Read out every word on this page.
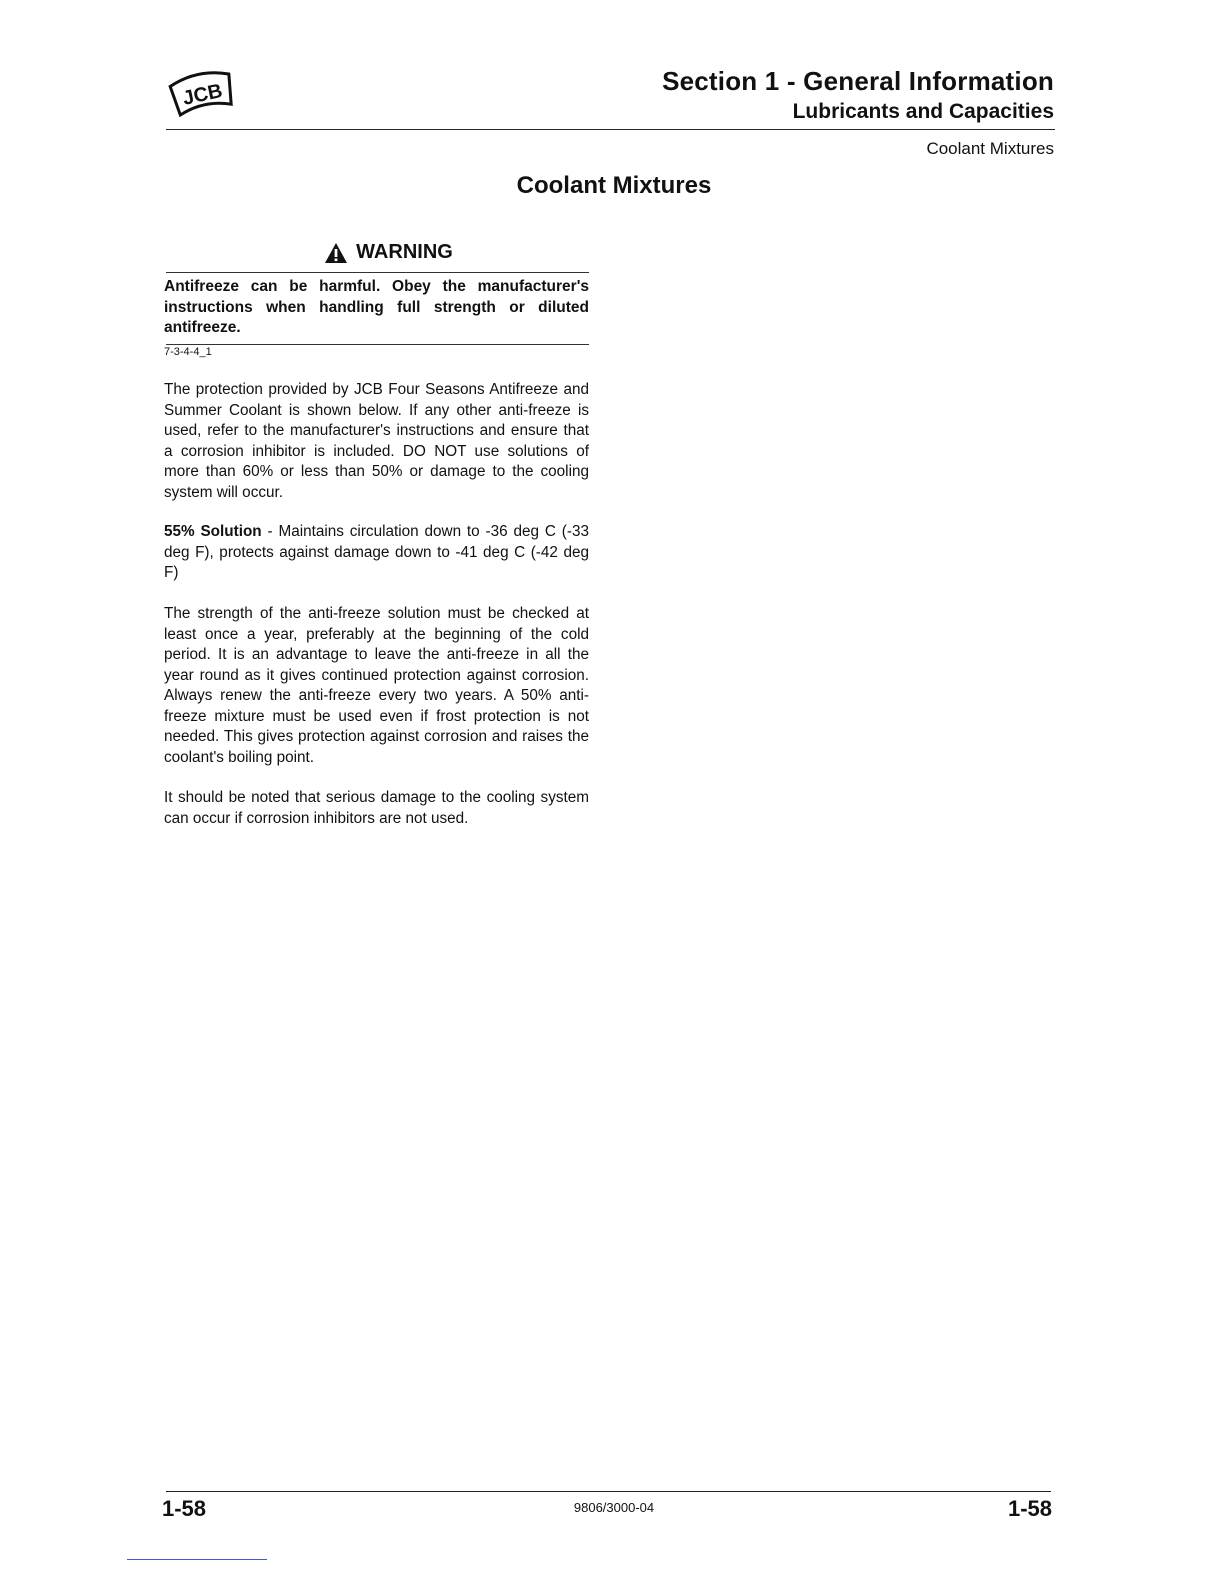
JCB	Section 1 - General Information
Lubricants and Capacities
Coolant Mixtures
Coolant Mixtures
WARNING
Antifreeze can be harmful. Obey the manufacturer's instructions when handling full strength or diluted antifreeze.
7-3-4-4_1

The protection provided by JCB Four Seasons Antifreeze and Summer Coolant is shown below. If any other anti-freeze is used, refer to the manufacturer's instructions and ensure that a corrosion inhibitor is included. DO NOT use solutions of more than 60% or less than 50% or damage to the cooling system will occur.

55% Solution - Maintains circulation down to -36 deg C (-33 deg F), protects against damage down to -41 deg C (-42 deg F)

The strength of the anti-freeze solution must be checked at least once a year, preferably at the beginning of the cold period. It is an advantage to leave the anti-freeze in all the year round as it gives continued protection against corrosion. Always renew the anti-freeze every two years. A 50% anti-freeze mixture must be used even if frost protection is not needed. This gives protection against corrosion and raises the coolant's boiling point.

It should be noted that serious damage to the cooling system can occur if corrosion inhibitors are not used.

1-58	9806/3000-04	1-58
